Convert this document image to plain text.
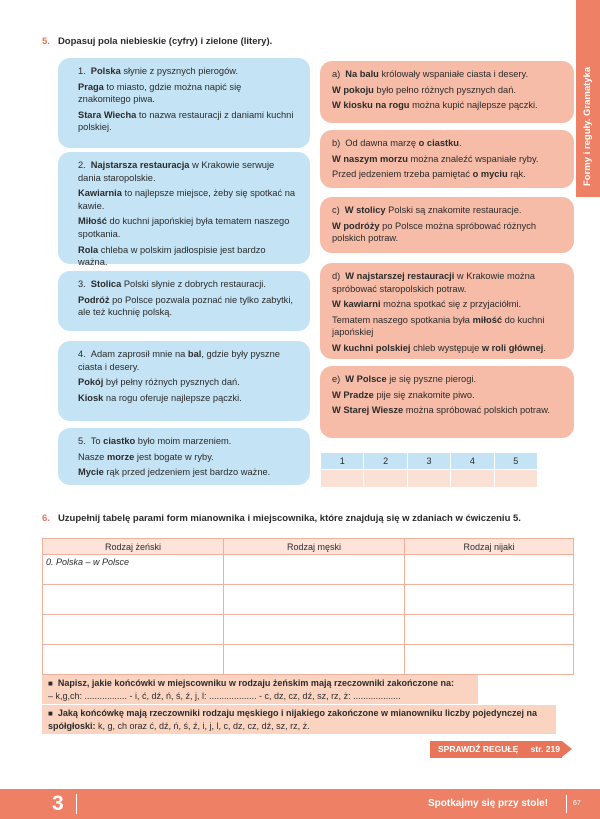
Formy i reguły. Gramatyka
5. Dopasuj pola niebieskie (cyfry) i zielone (litery).

1. Polska słynie z pysznych pierogów.

Praga to miasto, gdzie można napić się znakomitego piwa.

Stara Wiecha to nazwa restauracji z daniami kuchni polskiej.

2. Najstarsza restauracja w Krakowie serwuje dania staropolskie.

Kawiarnia to najlepsze miejsce, żeby się spotkać na kawie.

Miłość do kuchni japońskiej była tematem naszego spotkania.

Rola chleba w polskim jadłospisie jest bardzo ważna.

3. Stolica Polski słynie z dobrych restauracji.

Podróż po Polsce pozwala poznać nie tylko zabytki, ale też kuchnię polską.

4. Adam zaprosił mnie na bal, gdzie były pyszne ciasta i desery.

Pokój był pełny różnych pysznych dań.

Kiosk na rogu oferuje najlepsze pączki.

5. To ciastko było moim marzeniem.

Nasze morze jest bogate w ryby.

Mycie rąk przed jedzeniem jest bardzo ważne.

a) Na balu królowały wspaniałe ciasta i desery.

W pokoju było pełno różnych pysznych dań.

W kiosku na rogu można kupić najlepsze pączki.

b) Od dawna marzę o ciastku.

W naszym morzu można znaleźć wspaniałe ryby.

Przed jedzeniem trzeba pamiętać o myciu rąk.

c) W stolicy Polski są znakomite restauracje.

W podróży po Polsce można spróbować różnych polskich potraw.

d) W najstarszej restauracji w Krakowie można spróbować staropolskich potraw.

W kawiarni można spotkać się z przyjaciółmi.

Tematem naszego spotkania była miłość do kuchni japońskiej

W kuchni polskiej chleb występuje w roli głównej.

e) W Polsce je się pyszne pierogi.

W Pradze pije się znakomite piwo.

W Starej Wiesze można spróbować polskich potraw.

1	2	3	4	5

6. Uzupełnij tabelę parami form mianownika i miejscownika, które znajdują się w zdaniach w ćwiczeniu 5.
Rodzaj żeński	Rodzaj męski	Rodzaj nijaki
0. Polska – w Polsce		

■ Napisz, jakie końcówki w miejscowniku w rodzaju żeńskim mają rzeczowniki zakończone na:
– k,g,ch: ................. - i, ć, dź, ń, ś, ź, j, l: ................... - c, dz, cz, dź, sz, rz, ż: ...................
■ Jaką końcówkę mają rzeczowniki rodzaju męskiego i nijakiego zakończone w mianowniku liczby pojedynczej na spółgłoski: k, g, ch oraz ć, dź, ń, ś, ź, i, j, l, c, dz, cz, dź, sz, rz, ż.
SPRAWDŹ REGUŁĘ str. 219
3	Spotkajmy się przy stole!	67
